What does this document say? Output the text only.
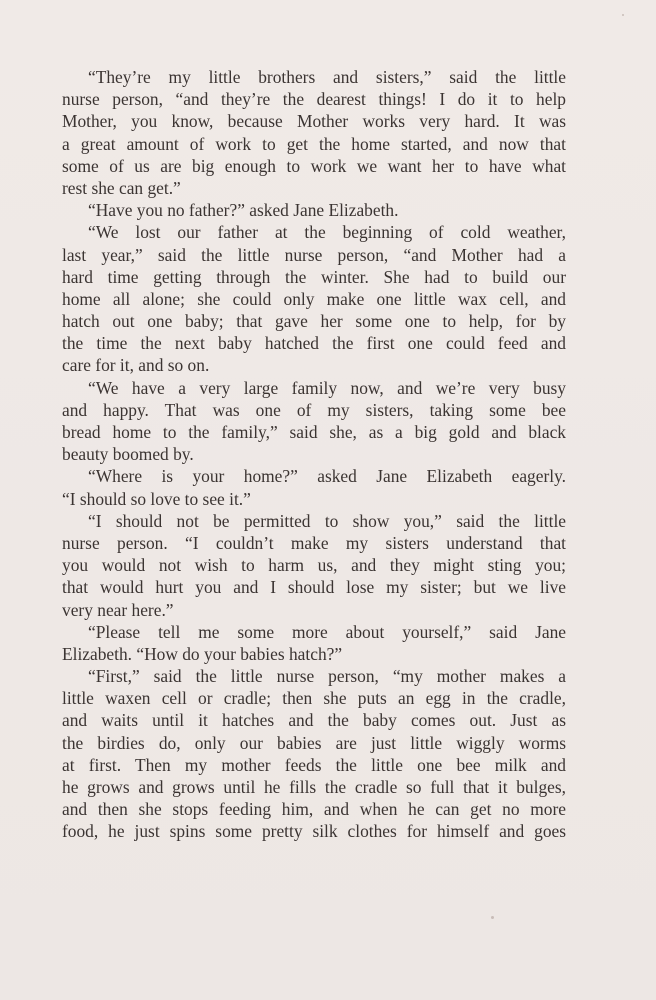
“They’re my little brothers and sisters,” said the little
nurse person, “and they’re the dearest things! I do it to help
Mother, you know, because Mother works very hard. It was
a great amount of work to get the home started, and now that
some of us are big enough to work we want her to have what
rest she can get.”
“Have you no father?” asked Jane Elizabeth.
“We lost our father at the beginning of cold weather,
last year,” said the little nurse person, “and Mother had a
hard time getting through the winter. She had to build our
home all alone; she could only make one little wax cell, and
hatch out one baby; that gave her some one to help, for by
the time the next baby hatched the first one could feed and
care for it, and so on.
“We have a very large family now, and we’re very busy
and happy. That was one of my sisters, taking some bee
bread home to the family,” said she, as a big gold and black
beauty boomed by.
“Where is your home?” asked Jane Elizabeth eagerly.
“I should so love to see it.”
“I should not be permitted to show you,” said the little
nurse person. “I couldn’t make my sisters understand that
you would not wish to harm us, and they might sting you;
that would hurt you and I should lose my sister; but we live
very near here.”
“Please tell me some more about yourself,” said Jane
Elizabeth. “How do your babies hatch?”
“First,” said the little nurse person, “my mother makes a
little waxen cell or cradle; then she puts an egg in the cradle,
and waits until it hatches and the baby comes out. Just as
the birdies do, only our babies are just little wiggly worms
at first. Then my mother feeds the little one bee milk and
he grows and grows until he fills the cradle so full that it bulges,
and then she stops feeding him, and when he can get no more
food, he just spins some pretty silk clothes for himself and goes
